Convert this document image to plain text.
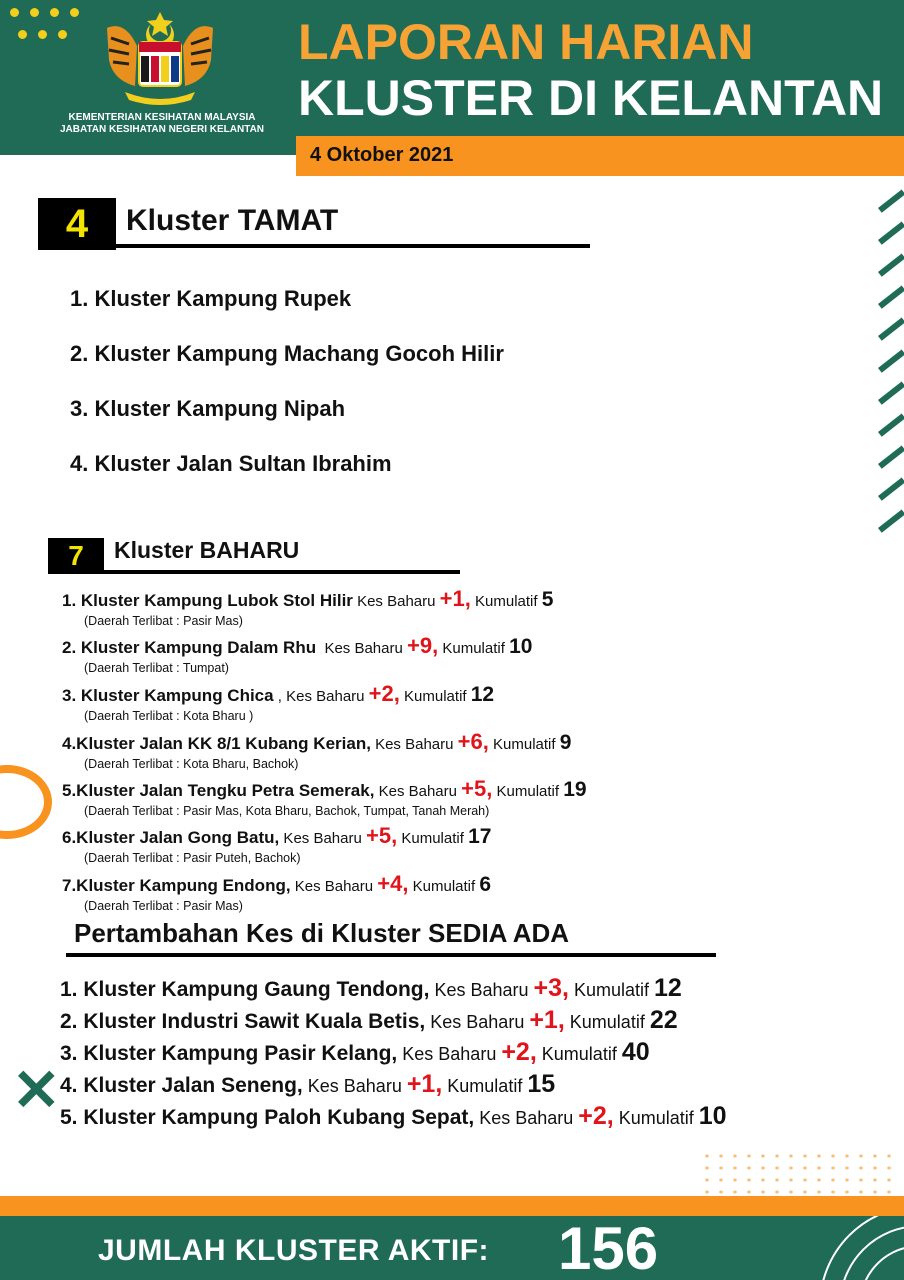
KEMENTERIAN KESIHATAN MALAYSIA
JABATAN KESIHATAN NEGERI KELANTAN
LAPORAN HARIAN
KLUSTER DI KELANTAN
4 Oktober 2021
4	Kluster TAMAT
1. Kluster Kampung Rupek
2. Kluster Kampung Machang Gocoh Hilir
3. Kluster Kampung Nipah
4. Kluster Jalan Sultan Ibrahim
7	Kluster BAHARU
1. Kluster Kampung Lubok Stol Hilir Kes Baharu +1, Kumulatif 5
(Daerah Terlibat : Pasir Mas)
2. Kluster Kampung Dalam Rhu  Kes Baharu +9, Kumulatif 10
(Daerah Terlibat : Tumpat)
3. Kluster Kampung Chica , Kes Baharu +2, Kumulatif 12
(Daerah Terlibat : Kota Bharu )
4.Kluster Jalan KK 8/1 Kubang Kerian, Kes Baharu +6, Kumulatif 9
(Daerah Terlibat : Kota Bharu, Bachok)
5.Kluster Jalan Tengku Petra Semerak, Kes Baharu +5, Kumulatif 19
(Daerah Terlibat : Pasir Mas, Kota Bharu, Bachok, Tumpat, Tanah Merah)
6.Kluster Jalan Gong Batu, Kes Baharu +5, Kumulatif 17
(Daerah Terlibat : Pasir Puteh, Bachok)
7.Kluster Kampung Endong, Kes Baharu +4, Kumulatif 6
(Daerah Terlibat : Pasir Mas)
Pertambahan Kes di Kluster SEDIA ADA
1. Kluster Kampung Gaung Tendong, Kes Baharu +3, Kumulatif 12
2. Kluster Industri Sawit Kuala Betis, Kes Baharu +1, Kumulatif 22
3. Kluster Kampung Pasir Kelang, Kes Baharu +2, Kumulatif 40
4. Kluster Jalan Seneng, Kes Baharu +1, Kumulatif 15
5. Kluster Kampung Paloh Kubang Sepat, Kes Baharu +2, Kumulatif 10
✕
JUMLAH KLUSTER AKTIF: 156
